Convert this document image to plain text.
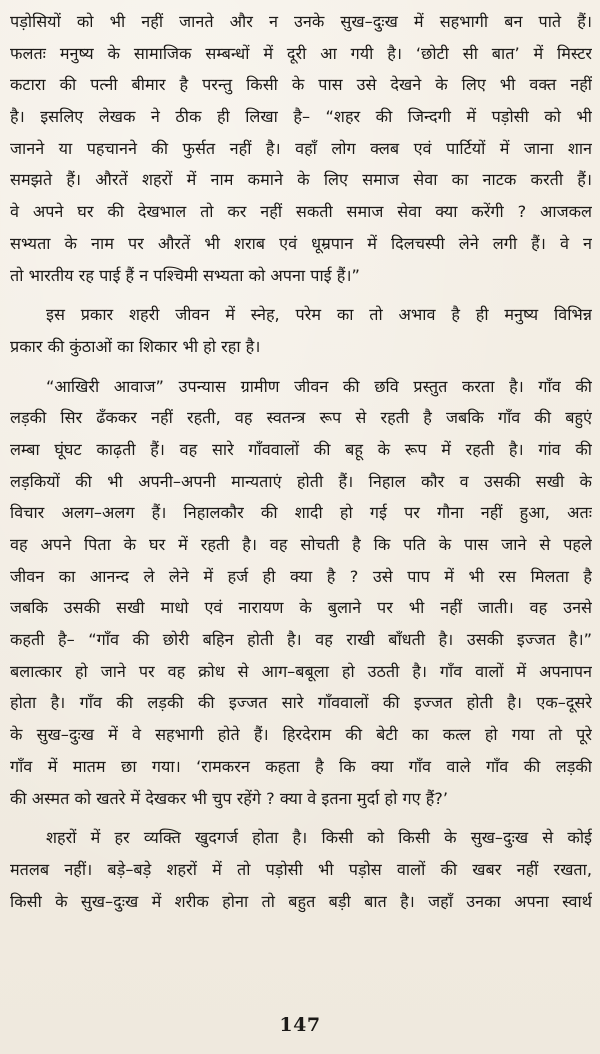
पड़ोसियों को भी नहीं जानते और न उनके सुख–दुःख में सहभागी बन पाते हैं।
फलतः मनुष्य के सामाजिक सम्बन्धों में दूरी आ गयी है। ‘छोटी सी बात’ में मिस्टर
कटारा की पत्नी बीमार है परन्तु किसी के पास उसे देखने के लिए भी वक्त नहीं
है। इसलिए लेखक ने ठीक ही लिखा है– “शहर की जिन्दगी में पड़ोसी को भी
जानने या पहचानने की फुर्सत नहीं है। वहाँ लोग क्लब एवं पार्टियों में जाना शान
समझते हैं। औरतें शहरों में नाम कमाने के लिए समाज सेवा का नाटक करती हैं।
वे अपने घर की देखभाल तो कर नहीं सकती समाज सेवा क्या करेंगी ? आजकल
सभ्यता के नाम पर औरतें भी शराब एवं धूम्रपान में दिलचस्पी लेने लगी हैं। वे न
तो भारतीय रह पाई हैं न पश्चिमी सभ्यता को अपना पाई हैं।”
इस प्रकार शहरी जीवन में स्नेह, परेम का तो अभाव है ही मनुष्य विभिन्न
प्रकार की कुंठाओं का शिकार भी हो रहा है।
“आखिरी आवाज” उपन्यास ग्रामीण जीवन की छवि प्रस्तुत करता है। गाँव की
लड़की सिर ढँककर नहीं रहती, वह स्वतन्त्र रूप से रहती है जबकि गाँव की बहुएं
लम्बा घूंघट काढ़ती हैं। वह सारे गाँववालों की बहू के रूप में रहती है। गांव की
लड़कियों की भी अपनी–अपनी मान्यताएं होती हैं। निहाल कौर व उसकी सखी के
विचार अलग–अलग हैं। निहालकौर की शादी हो गई पर गौना नहीं हुआ, अतः
वह अपने पिता के घर में रहती है। वह सोचती है कि पति के पास जाने से पहले
जीवन का आनन्द ले लेने में हर्ज ही क्या है ? उसे पाप में भी रस मिलता है
जबकि उसकी सखी माधो एवं नारायण के बुलाने पर भी नहीं जाती। वह उनसे
कहती है– “गाँव की छोरी बहिन होती है। वह राखी बाँधती है। उसकी इज्जत है।”
बलात्कार हो जाने पर वह क्रोध से आग–बबूला हो उठती है। गाँव वालों में अपनापन
होता है। गाँव की लड़की की इज्जत सारे गाँववालों की इज्जत होती है। एक–दूसरे
के सुख–दुःख में वे सहभागी होते हैं। हिरदेराम की बेटी का कत्ल हो गया तो पूरे
गाँव में मातम छा गया। ‘रामकरन कहता है कि क्या गाँव वाले गाँव की लड़की
की अस्मत को खतरे में देखकर भी चुप रहेंगे ? क्या वे इतना मुर्दा हो गए हैं?’
शहरों में हर व्यक्ति खुदगर्ज होता है। किसी को किसी के सुख–दुःख से कोई
मतलब नहीं। बड़े–बड़े शहरों में तो पड़ोसी भी पड़ोस वालों की खबर नहीं रखता,
किसी के सुख–दुःख में शरीक होना तो बहुत बड़ी बात है। जहाँ उनका अपना स्वार्थ
147
